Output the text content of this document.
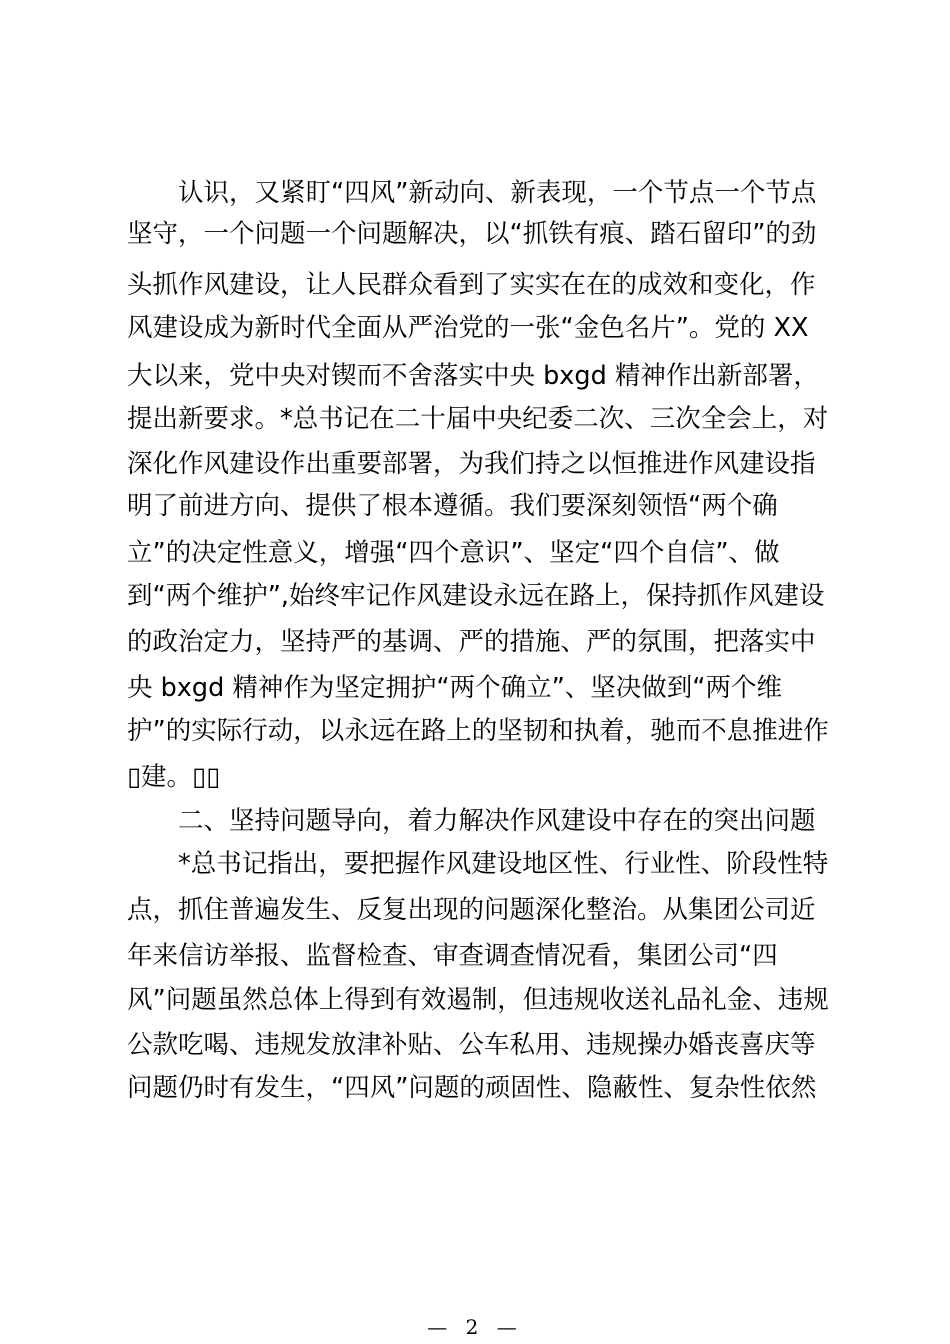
认识，又紧盯“四风”新动向、新表现，一个节点一个节点
坚守，一个问题一个问题解决，以“抓铁有痕、踏石留印”的劲
头抓作风建设，让人民群众看到了实实在在的成效和变化，作
风建设成为新时代全面从严治党的一张“金色名片”。党的 XX
大以来，党中央对锲而不舍落实中央 bxgd 精神作出新部署，
提出新要求。*总书记在二十届中央纪委二次、三次全会上，对
深化作风建设作出重要部署，为我们持之以恒推进作风建设指
明了前进方向、提供了根本遵循。我们要深刻领悟“两个确
立”的决定性意义，增强“四个意识”、坚定“四个自信”、做
到“两个维护”,始终牢记作风建设永远在路上，保持抓作风建设
的政治定力，坚持严的基调、严的措施、严的氛围，把落实中
央 bxgd 精神作为坚定拥护“两个确立”、坚决做到“两个维
护”的实际行动，以永远在路上的坚韧和执着，驰而不息推进作
▯建。▯▯
二、坚持问题导向，着力解决作风建设中存在的突出问题
*总书记指出，要把握作风建设地区性、行业性、阶段性特
点，抓住普遍发生、反复出现的问题深化整治。从集团公司近
年来信访举报、监督检查、审查调查情况看，集团公司“四
风”问题虽然总体上得到有效遏制，但违规收送礼品礼金、违规
公款吃喝、违规发放津补贴、公车私用、违规操办婚丧喜庆等
问题仍时有发生，“四风”问题的顽固性、隐蔽性、复杂性依然
— 2 —
